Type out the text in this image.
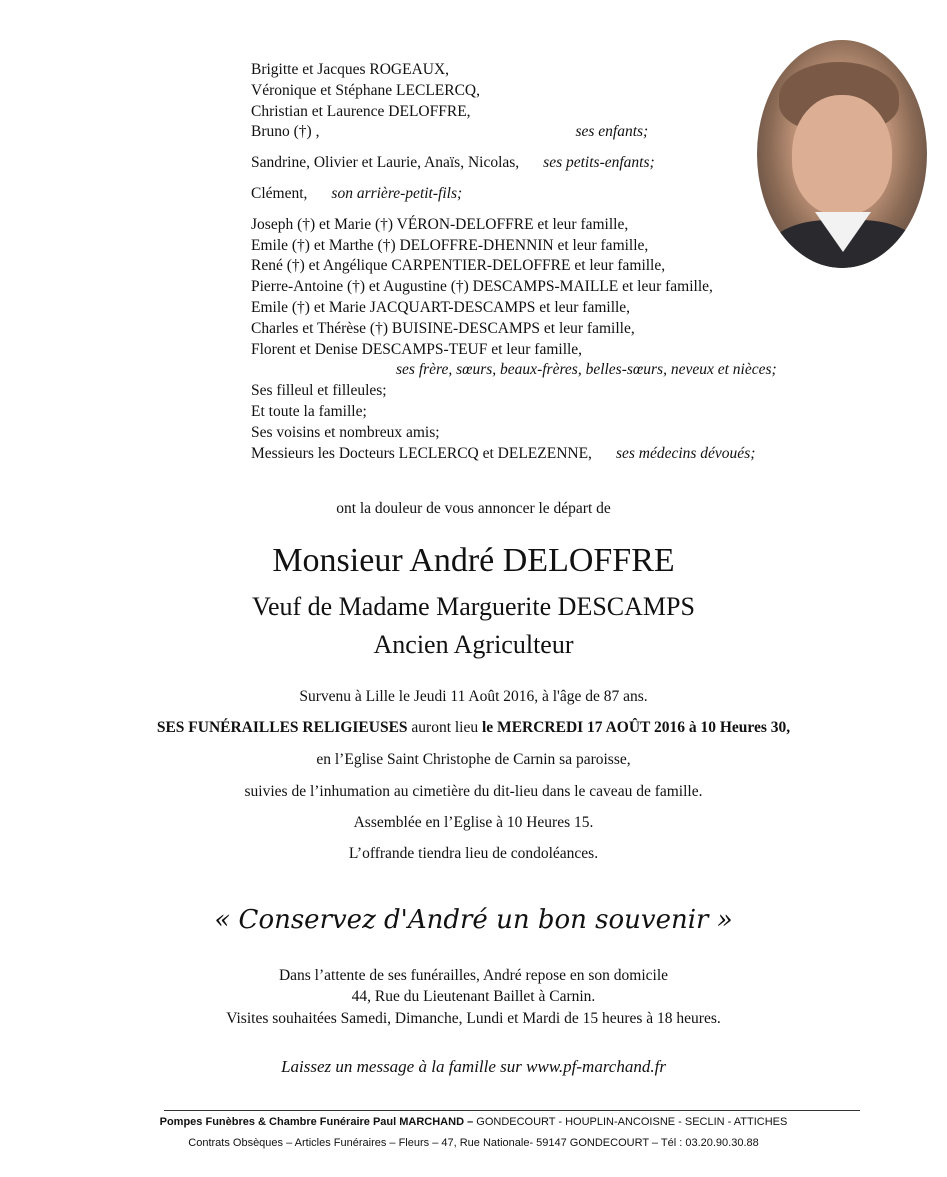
Brigitte et Jacques ROGEAUX,
Véronique et Stéphane LECLERCQ,
Christian et Laurence DELOFFRE,
Bruno (†) ,	ses enfants;
Sandrine, Olivier et Laurie, Anaïs, Nicolas, ses petits-enfants;
Clément, son arrière-petit-fils;
Joseph (†) et Marie (†) VÉRON-DELOFFRE et leur famille,
Emile (†) et Marthe (†) DELOFFRE-DHENNIN et leur famille,
René (†) et Angélique CARPENTIER-DELOFFRE et leur famille,
Pierre-Antoine (†) et Augustine (†) DESCAMPS-MAILLE et leur famille,
Emile (†) et Marie JACQUART-DESCAMPS et leur famille,
Charles et Thérèse (†) BUISINE-DESCAMPS et leur famille,
Florent et Denise DESCAMPS-TEUF et leur famille,
ses frère, sœurs, beaux-frères, belles-sœurs, neveux et nièces;
Ses filleul et filleules;
Et toute la famille;
Ses voisins et nombreux amis;
Messieurs les Docteurs LECLERCQ et DELEZENNE, ses médecins dévoués;
ont la douleur de vous annoncer le départ de
Monsieur André DELOFFRE
Veuf de Madame Marguerite DESCAMPS
Ancien Agriculteur
Survenu à Lille le Jeudi 11 Août 2016, à l'âge de 87 ans.
SES FUNÉRAILLES RELIGIEUSES auront lieu le MERCREDI 17 AOÛT 2016 à 10 Heures 30,
en l’Eglise Saint Christophe de Carnin sa paroisse,
suivies de l’inhumation au cimetière du dit-lieu dans le caveau de famille.
Assemblée en l’Eglise à 10 Heures 15.
L’offrande tiendra lieu de condoléances.
« Conservez d'André un bon souvenir »
Dans l’attente de ses funérailles, André repose en son domicile
44, Rue du Lieutenant Baillet à Carnin.
Visites souhaitées Samedi, Dimanche, Lundi et Mardi de 15 heures à 18 heures.
Laissez un message à la famille sur www.pf-marchand.fr
Pompes Funèbres & Chambre Funéraire Paul MARCHAND – GONDECOURT - HOUPLIN-ANCOISNE - SECLIN - ATTICHES
Contrats Obsèques – Articles Funéraires – Fleurs – 47, Rue Nationale- 59147 GONDECOURT – Tél : 03.20.90.30.88
